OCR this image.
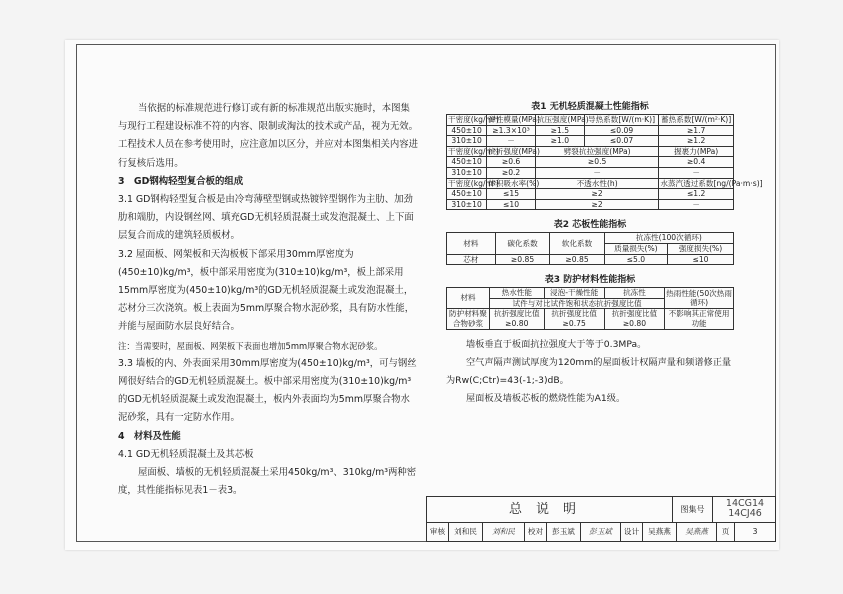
当依据的标准规范进行修订或有新的标准规范出版实施时，本图集与现行工程建设标准不符的内容、限制或淘汰的技术或产品，视为无效。工程技术人员在参考使用时，应注意加以区分，并应对本图集相关内容进行复核后选用。

3　GD钢构轻型复合板的组成

3.1 GD钢构轻型复合板是由冷弯薄壁型钢或热镀锌型钢作为主肋、加劲肋和端肋，内设钢丝网、填充GD无机轻质混凝土或发泡混凝土、上下面层复合而成的建筑轻质板材。

3.2 屋面板、网架板和天沟板板下部采用30mm厚密度为(450±10)kg/m³，板中部采用密度为(310±10)kg/m³，板上部采用15mm厚密度为(450±10)kg/m³的GD无机轻质混凝土或发泡混凝土，芯材分三次浇筑。板上表面为5mm厚聚合物水泥砂浆，具有防水性能，并能与屋面防水层良好结合。

注：当需要时，屋面板、网架板下表面也增加5mm厚聚合物水泥砂浆。

3.3 墙板的内、外表面采用30mm厚密度为(450±10)kg/m³，可与钢丝网很好结合的GD无机轻质混凝土。板中部采用密度为(310±10)kg/m³的GD无机轻质混凝土或发泡混凝土，板内外表面均为5mm厚聚合物水泥砂浆，具有一定防水作用。

4　材料及性能

4.1 GD无机轻质混凝土及其芯板

屋面板、墙板的无机轻质混凝土采用450kg/m³、310kg/m³两种密度，其性能指标见表1－表3。

表1 无机轻质混凝土性能指标
干密度(kg/m³)	弹性模量(MPa)	抗压强度(MPa)	导热系数[W/(m·K)]	蓄热系数[W/(m²·K)]
450±10	≥1.3×10³	≥1.5	≤0.09	≥1.7
310±10	－	≥1.0	≤0.07	≥1.2
干密度(kg/m³)	抗折强度(MPa)	劈裂抗拉强度(MPa)		握裹力(MPa)
450±10	≥0.6	≥0.5		≥0.4
310±10	≥0.2	－		－
干密度(kg/m³)	体积吸水率(%)	不透水性(h)		水蒸汽透过系数[ng/(Pa·m·s)]
450±10	≤15	≥2		≤1.2
310±10	≤10	≥2		－
表2 芯板性能指标
材料	碳化系数	软化系数	抗冻性(100次循环)	
			质量损失(%)	强度损失(%)
芯材	≥0.85	≥0.85	≤5.0	≤10
表3 防护材料性能指标
材料	热水性能	浸泡-干燥性能	抗冻性	热雨性能(50次热雨循环)
	试件与对比试件饱和状态抗折强度比值			
防护材料聚合物砂浆	抗折强度比值≥0.80	抗折强度比值≥0.75	抗折强度比值≥0.80	不影响其正常使用功能

墙板垂直于板面抗拉强度大于等于0.3MPa。

空气声隔声测试厚度为120mm的屋面板计权隔声量和频谱修正量为Rw(C;Ctr)=43(-1;-3)dB。

屋面板及墙板芯板的燃烧性能为A1级。

总说明	图集号
14CG14
14CJ46
审核	刘和民	刘和民	校对	彭玉斌	彭玉斌	设计	吴燕燕	吴燕燕	页	3
